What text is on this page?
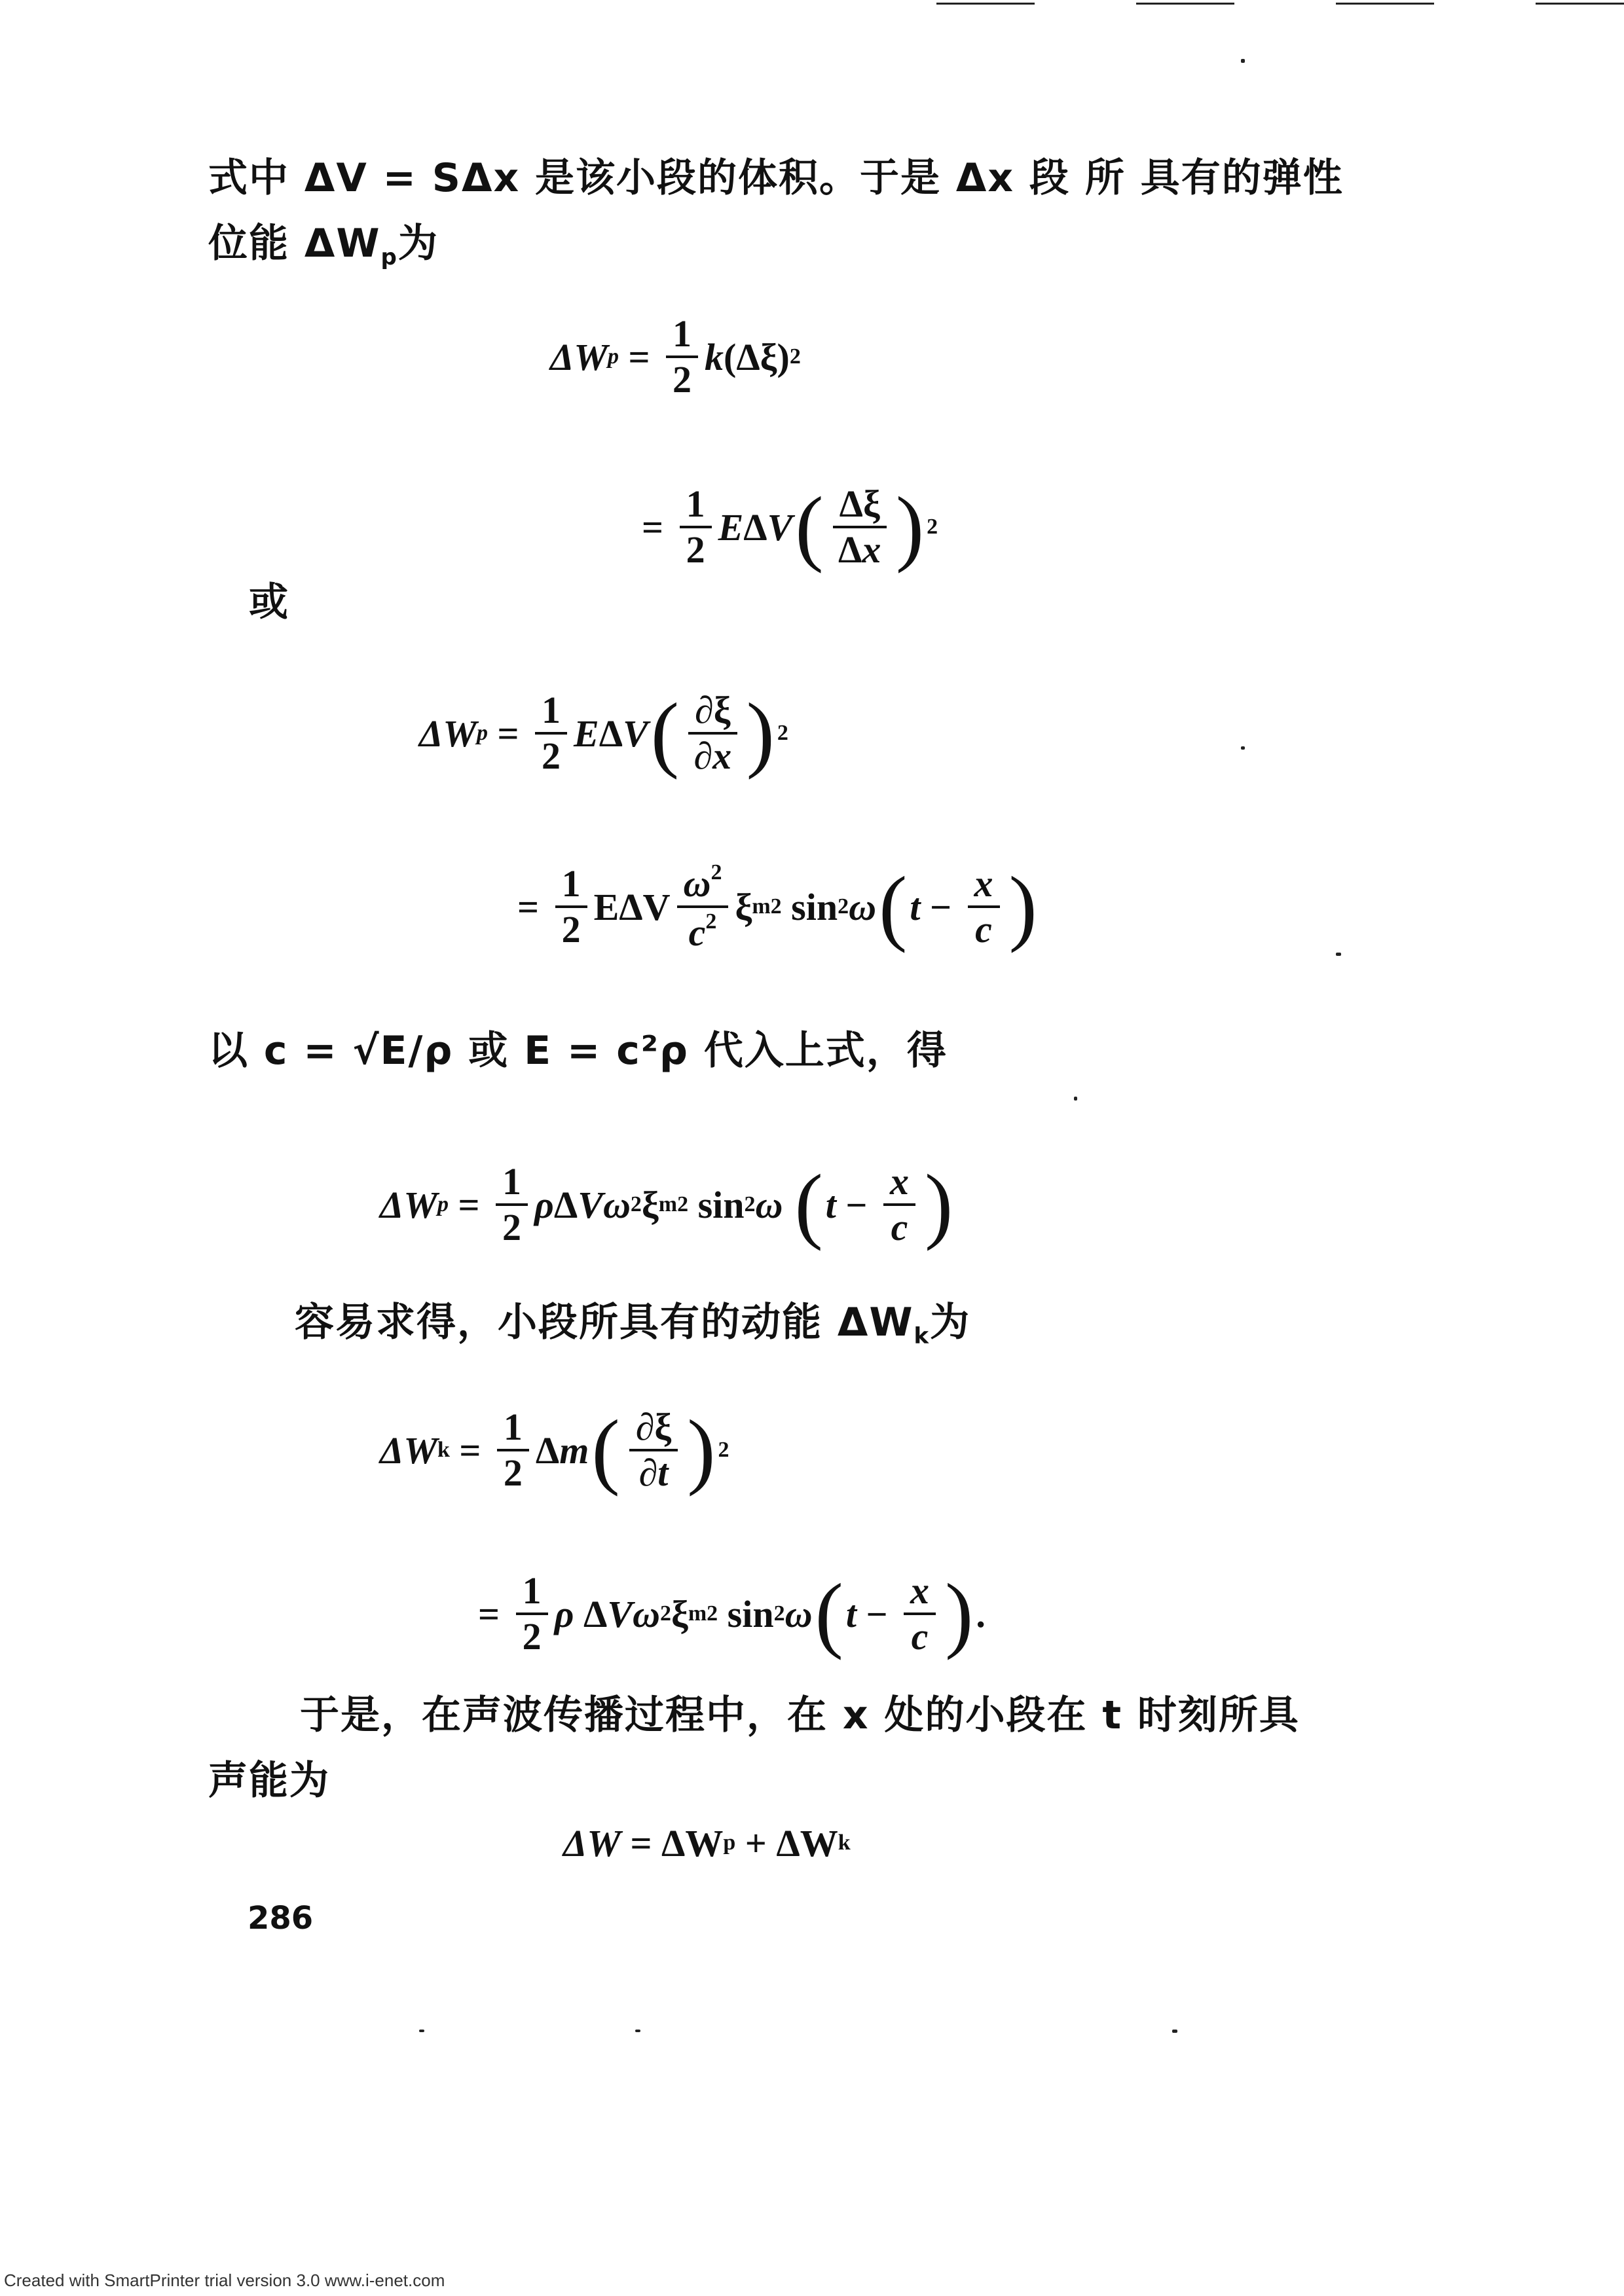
式中 ΔV = SΔx 是该小段的体积。于是 Δx 段 所 具有的弹性
位能 $\Delta W_p$为
ΔW $p = \frac{1}{2}$ k (Δξ) 2
= $\frac{1}{2}$ E Δ V ( $\frac{\Delta\xi}{\Delta x}$ ) 2
或
ΔW $p = \frac{1}{2}$ E Δ V ( $\frac{\partial\xi}{\partial x}$ ) 2
= $\frac{1}{2}$ EΔV $\frac{\omega^2}{c^2}$ ξ m 2 sin 2 ω ( $t - \frac{x}{c}$ )
以 c = √E/ρ 或 E = c²ρ 代入上式，得
ΔW $p = \frac{1}{2}$ ρ Δ Vω 2 ξ m 2 sin 2 ω ( $t - \frac{x}{c}$ )
容易求得，小段所具有的动能 $\Delta W_k$为
ΔW $k = \frac{1}{2}$ Δ m ( $\frac{\partial\xi}{\partial t}$ ) 2
= $\frac{1}{2}$ ρ Δ Vω 2 ξ m 2 sin 2 ω ( $t - \frac{x}{c}$ ) .
于是，在声波传播过程中，在 x 处的小段在 t 时刻所具
声能为
ΔW = ΔW p + ΔW k
286
Created with SmartPrinter trial version 3.0 www.i-enet.com
